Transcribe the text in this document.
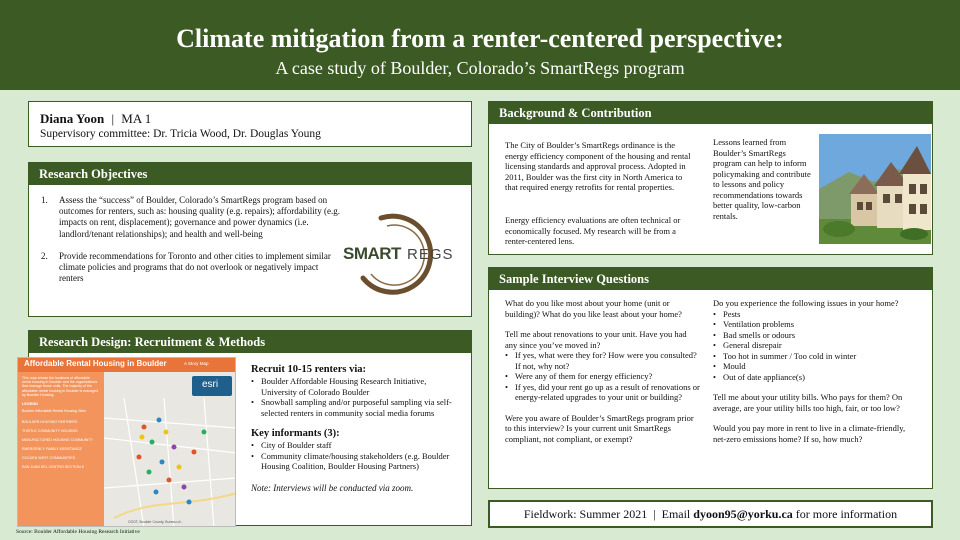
Climate mitigation from a renter-centered perspective:
A case study of Boulder, Colorado’s SmartRegs program
Diana Yoon | MA 1
Supervisory committee: Dr. Tricia Wood, Dr. Douglas Young
Research Objectives
1. Assess the “success” of Boulder, Colorado’s SmartRegs program based on outcomes for renters, such as: housing quality (e.g. repairs); affordability (e.g. impacts on rent, displacement); governance and power dynamics (i.e. landlord/tenant relationships); and health and well-being
2. Provide recommendations for Toronto and other cities to implement similar climate policies and programs that do not overlook or negatively impact renters
SMART REGS
Research Design: Recruitment & Methods
Affordable Rental Housing in Boulder	A Story Map
This map shows the locations of affordable rental housing in Boulder and the organizations that manage those units. The majority of the affordable rental housing in Boulder is managed by Boulder Housing.
LEGEND
Boulder Affordable Rental Housing Sites
BOULDER HOUSING PARTNERS
THISTLE COMMUNITY HOUSING
MANUFACTURED HOUSING COMMUNITY
EMERGENCY FAMILY ASSISTANCE
GOLDEN WEST COMMUNITIES
SAN JUAN DEL CENTRO SECTION 8
esri
CDOT, Boulder County, Bureau of...
Source: Boulder Affordable Housing Research Initiative
Recruit 10-15 renters via:
• Boulder Affordable Housing Research Initiative, University of Colorado Boulder
• Snowball sampling and/or purposeful sampling via self-selected renters in community social media forums
Key informants (3):
• City of Boulder staff
• Community climate/housing stakeholders (e.g. Boulder Housing Coalition, Boulder Housing Partners)
Note: Interviews will be conducted via zoom.
Background & Contribution
The City of Boulder’s SmartRegs ordinance is the energy efficiency component of the housing and rental licensing standards and approval process. Adopted in 2011, Boulder was the first city in North America to that required energy retrofits for rental properties.
Energy efficiency evaluations are often technical or economically focused. My research will be from a renter-centered lens.
Lessons learned from Boulder’s SmartRegs program can help to inform policymaking and contribute to lessons and policy recommendations towards better quality, low-carbon rentals.
Sample Interview Questions
What do you like most about your home (unit or building)? What do you like least about your home?
Tell me about renovations to your unit. Have you had any since you’ve moved in?
• If yes, what were they for? How were you consulted? If not, why not?
• Were any of them for energy efficiency?
• If yes, did your rent go up as a result of renovations or energy-related upgrades to your unit or building?
Were you aware of Boulder’s SmartRegs program prior to this interview? Is your current unit SmartRegs compliant, not compliant, or exempt?
Do you experience the following issues in your home?
• Pests
• Ventilation problems
• Bad smells or odours
• General disrepair
• Too hot in summer / Too cold in winter
• Mould
• Out of date appliance(s)
Tell me about your utility bills. Who pays for them? On average, are your utility bills too high, fair, or too low?
Would you pay more in rent to live in a climate-friendly, net-zero emissions home? If so, how much?
Fieldwork: Summer 2021 | Email dyoon95@yorku.ca for more information
